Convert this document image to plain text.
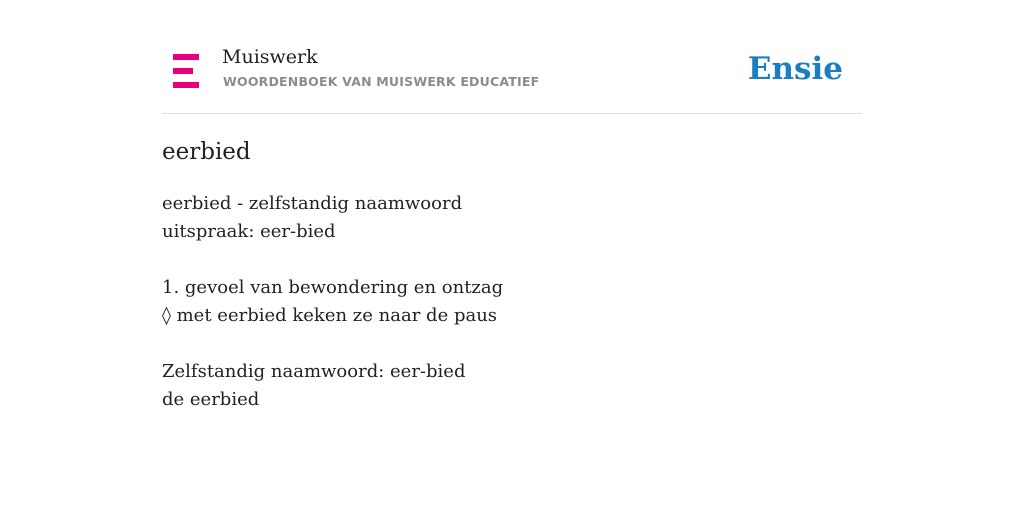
Muiswerk
WOORDENBOEK VAN MUISWERK EDUCATIEF	Ensie
eerbied
eerbied - zelfstandig naamwoord
uitspraak: eer-bied
1. gevoel van bewondering en ontzag
◊ met eerbied keken ze naar de paus
Zelfstandig naamwoord: eer-bied
de eerbied
